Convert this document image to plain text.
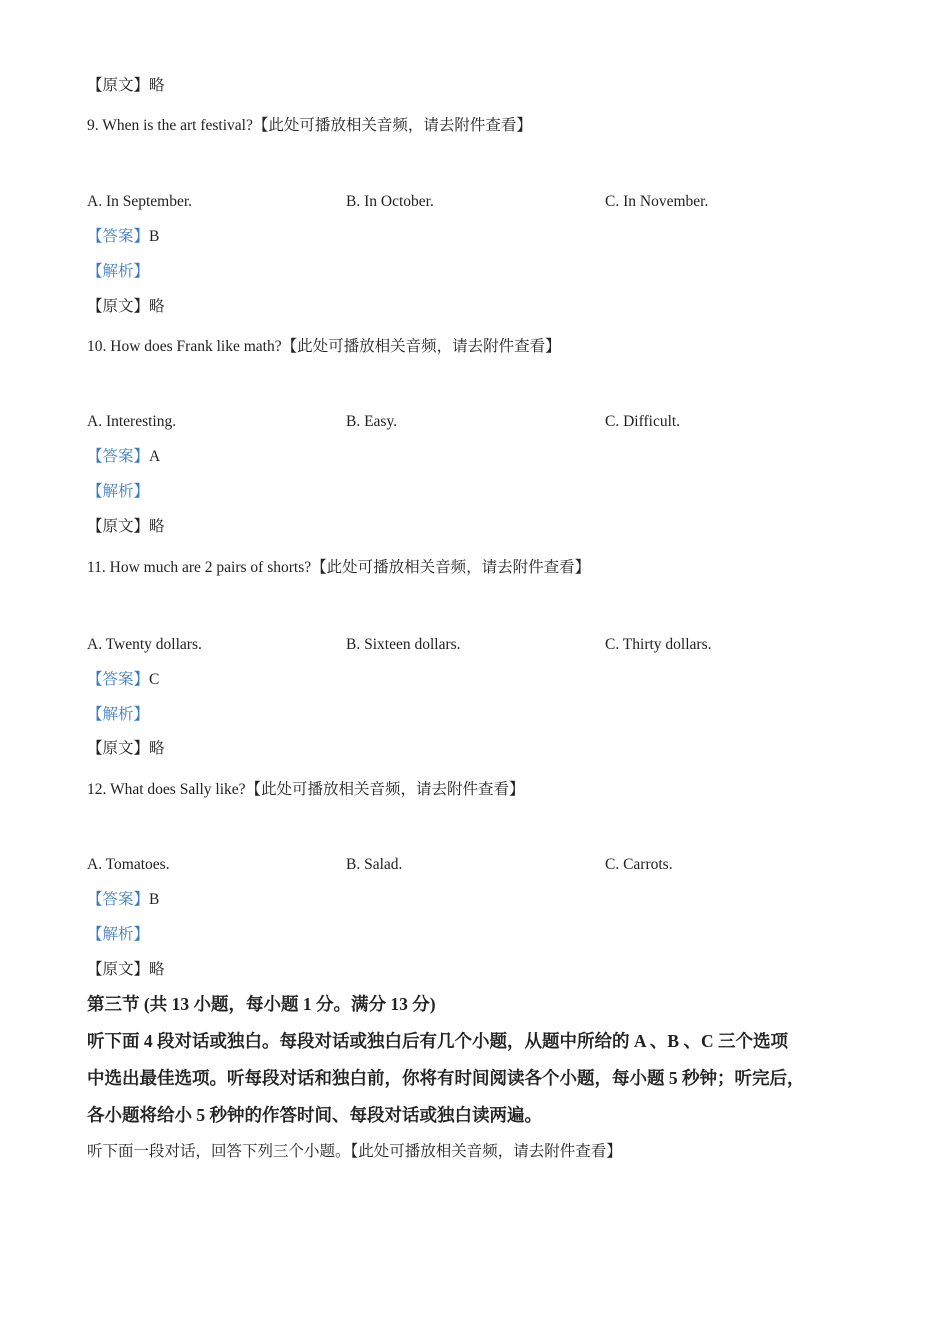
【原文】略
9. When is the art festival?【此处可播放相关音频，请去附件查看】
A. In September.	B. In October.	C. In November.
【答案】B
【解析】
【原文】略
10. How does Frank like math?【此处可播放相关音频，请去附件查看】
A. Interesting.	B. Easy.	C. Difficult.
【答案】A
【解析】
【原文】略
11. How much are 2 pairs of shorts?【此处可播放相关音频，请去附件查看】
A. Twenty dollars.	B. Sixteen dollars.	C. Thirty dollars.
【答案】C
【解析】
【原文】略
12. What does Sally like?【此处可播放相关音频，请去附件查看】
A. Tomatoes.	B. Salad.	C. Carrots.
【答案】B
【解析】
【原文】略
第三节 (共 13 小题，每小题 1 分。满分 13 分)
听下面 4 段对话或独白。每段对话或独白后有几个小题，从题中所给的 A 、B 、C 三个选项
中选出最佳选项。听每段对话和独白前，你将有时间阅读各个小题，每小题 5 秒钟；听完后，
各小题将给小 5 秒钟的作答时间、每段对话或独白读两遍。
听下面一段对话，回答下列三个小题。【此处可播放相关音频，请去附件查看】
